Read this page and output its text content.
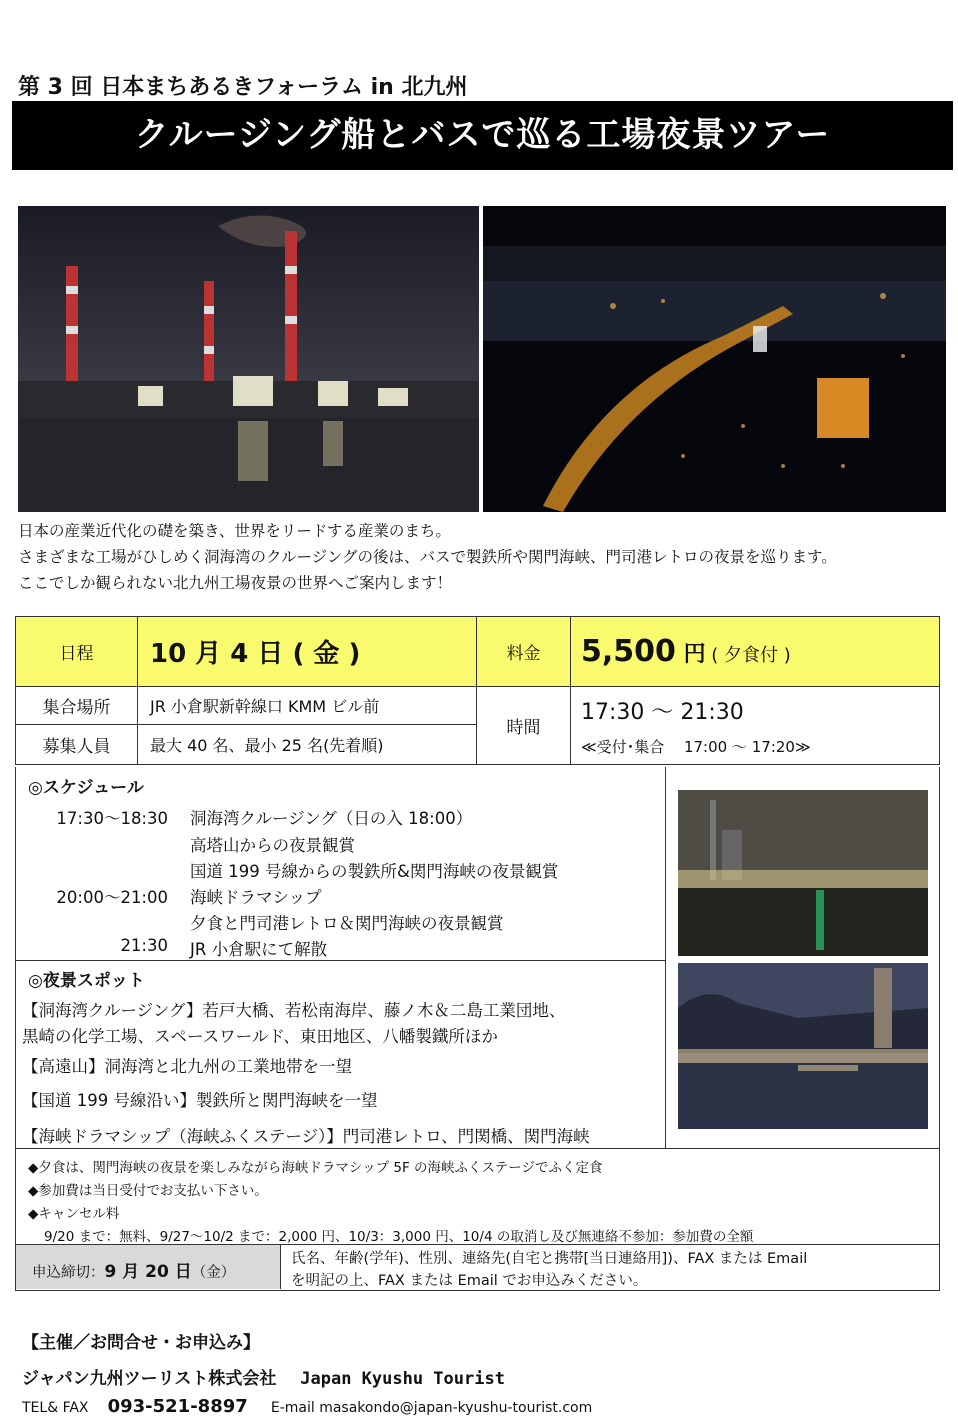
第 3 回 日本まちあるきフォーラム in 北九州
クルージング船とバスで巡る工場夜景ツアー
日本の産業近代化の礎を築き、世界をリードする産業のまち。
さまざまな工場がひしめく洞海湾のクルージングの後は、バスで製鉄所や関門海峡、門司港レトロの夜景を巡ります。
ここでしか観られない北九州工場夜景の世界へご案内します！
日程	10 月 4 日 ( 金 )	料金	5,500 円 ( 夕食付 )
集合場所	JR 小倉駅新幹線口 KMM ビル前	時間	17:30 ～ 21:30
≪受付･集合　 17:00 ～ 17:20≫

募集人員	最大 40 名、最小 25 名(先着順)		
◎スケジュール
17:30～18:30 洞海湾クルージング（日の入 18:00）
高塔山からの夜景観賞
国道 199 号線からの製鉄所&関門海峡の夜景観賞
20:00～21:00 海峡ドラマシップ
夕食と門司港レトロ＆関門海峡の夜景観賞
21:30 JR 小倉駅にて解散
◎夜景スポット
【洞海湾クルージング】若戸大橋、若松南海岸、藤ノ木＆二島工業団地、
黒崎の化学工場、スペースワールド、東田地区、八幡製鐵所ほか
【高遠山】洞海湾と北九州の工業地帯を一望
【国道 199 号線沿い】製鉄所と関門海峡を一望
【海峡ドラマシップ（海峡ふくステージ）】門司港レトロ、門関橋、関門海峡
◆夕食は、関門海峡の夜景を楽しみながら海峡ドラマシップ 5F の海峡ふくステージでふく定食
◆参加費は当日受付でお支払い下さい。
◆キャンセル料
9/20 まで：無料、9/27～10/2 まで：2,000 円、10/3：3,000 円、10/4 の取消し及び無連絡不参加：参加費の全額
申込締切：9 月 20 日（金）
氏名、年齢(学年)、性別、連絡先(自宅と携帯[当日連絡用])、FAX または Email
を明記の上、FAX または Email でお申込みください。
【主催／お問合せ・お申込み】
ジャパン九州ツーリスト株式会社 Japan Kyushu Tourist
TEL& FAX 093-521-8897 E-mail masakondo@japan-kyushu-tourist.com
